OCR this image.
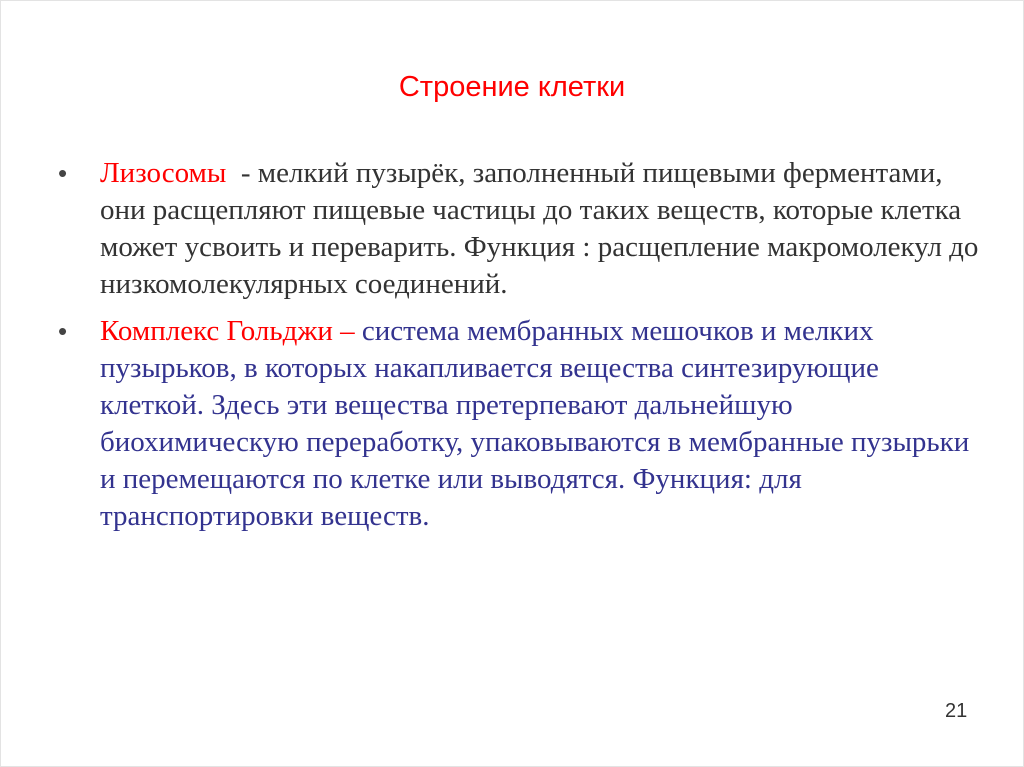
Строение клетки
• Лизосомы  - мелкий пузырёк, заполненный пищевыми ферментами, они расщепляют пищевые частицы до таких веществ, которые клетка может усвоить и переварить. Функция : расщепление макромолекул до низкомолекулярных соединений.
• Комплекс Гольджи – система мембранных мешочков и мелких пузырьков, в которых накапливается вещества синтезирующие клеткой. Здесь эти вещества претерпевают дальнейшую биохимическую переработку, упаковываются в мембранные пузырьки и перемещаются по клетке или выводятся. Функция: для транспортировки веществ.
21
